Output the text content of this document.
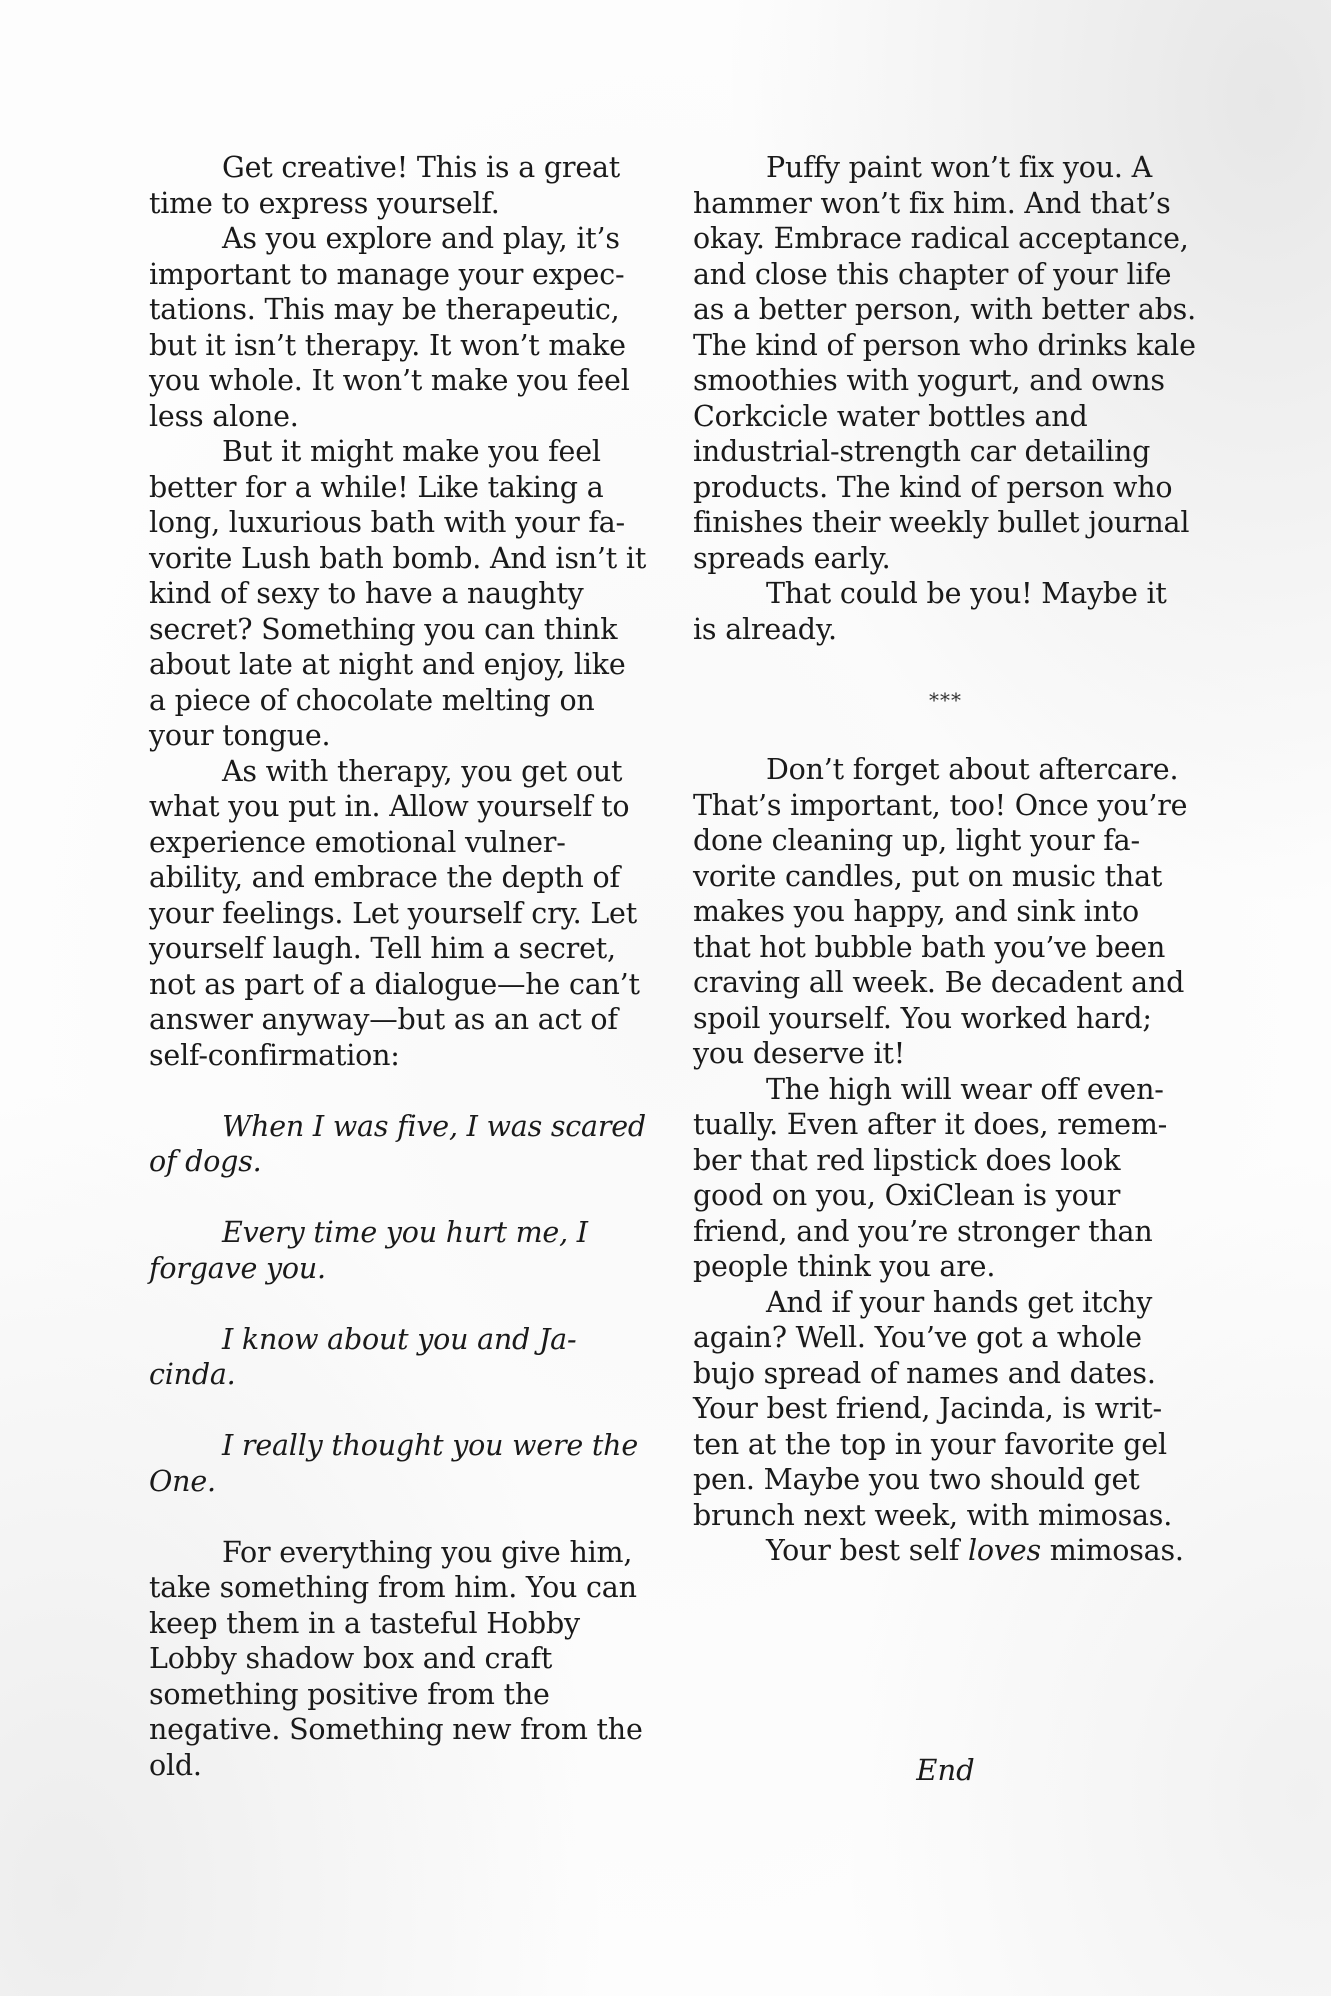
Get creative! This is a great time to express yourself.

As you explore and play, it’s important to manage your expectations. This may be therapeutic, but it isn’t therapy. It won’t make you whole. It won’t make you feel less alone.

But it might make you feel better for a while! Like taking a long, luxurious bath with your favorite Lush bath bomb. And isn’t it kind of sexy to have a naughty secret? Something you can think about late at night and enjoy, like a piece of chocolate melting on your tongue.

As with therapy, you get out what you put in. Allow yourself to experience emotional vulnerability, and embrace the depth of your feelings. Let yourself cry. Let yourself laugh. Tell him a secret, not as part of a dialogue—he can’t answer anyway—but as an act of self-confirmation:

When I was five, I was scared of dogs.

Every time you hurt me, I forgave you.

I know about you and Jacinda.

I really thought you were the One.

For everything you give him, take something from him. You can keep them in a tasteful Hobby Lobby shadow box and craft something positive from the negative. Something new from the old.

Puffy paint won’t fix you. A hammer won’t fix him. And that’s okay. Embrace radical acceptance, and close this chapter of your life as a better person, with better abs. The kind of person who drinks kale smoothies with yogurt, and owns Corkcicle water bottles and industrial-strength car detailing products. The kind of person who finishes their weekly bullet journal spreads early.

That could be you! Maybe it is already.

***

Don’t forget about aftercare. That’s important, too! Once you’re done cleaning up, light your favorite candles, put on music that makes you happy, and sink into that hot bubble bath you’ve been craving all week. Be decadent and spoil yourself. You worked hard; you deserve it!

The high will wear off eventually. Even after it does, remember that red lipstick does look good on you, OxiClean is your friend, and you’re stronger than people think you are.

And if your hands get itchy again? Well. You’ve got a whole bujo spread of names and dates. Your best friend, Jacinda, is written at the top in your favorite gel pen. Maybe you two should get brunch next week, with mimosas.

Your best self loves mimosas.

End
